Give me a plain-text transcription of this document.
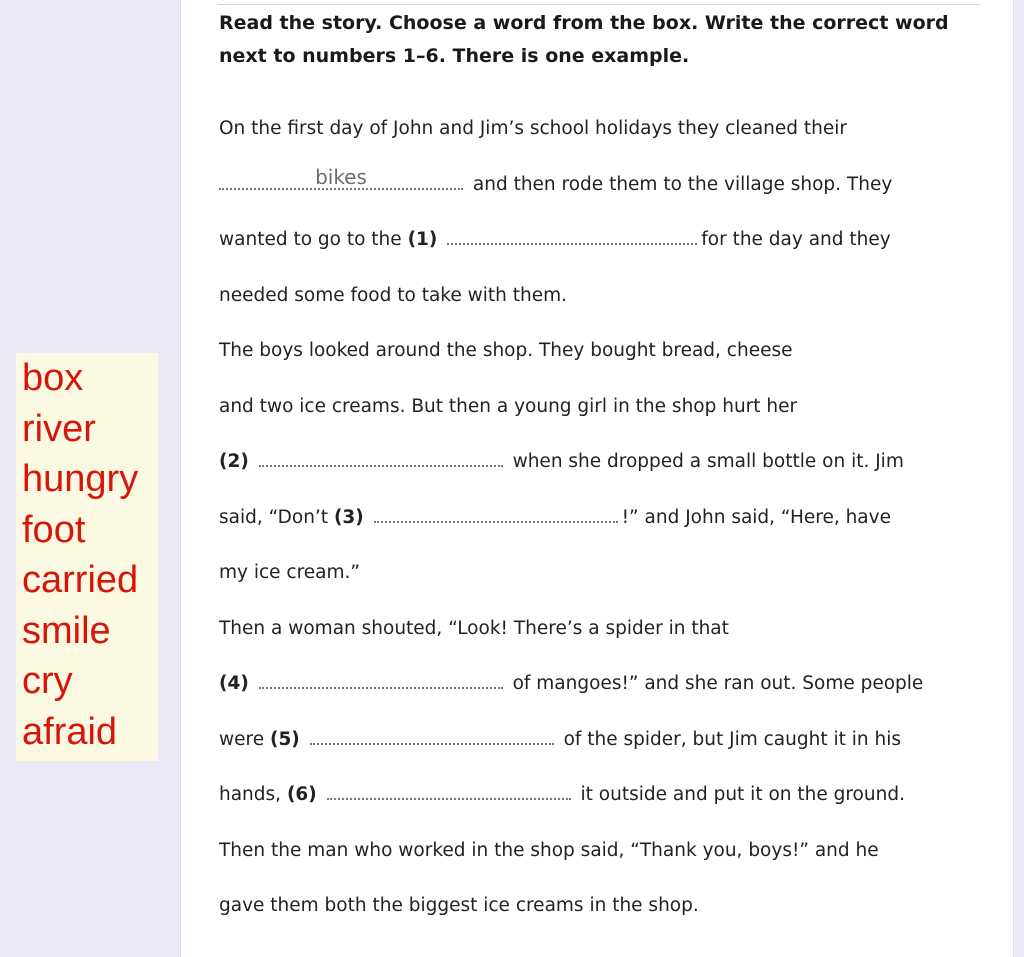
Read the story. Choose a word from the box. Write the correct word next to numbers 1–6. There is one example.

On the first day of John and Jim’s school holidays they cleaned their
bikes	and then rode them to the village shop. They
wanted to go to the (1)	for the day and they
needed some food to take with them.
The boys looked around the shop. They bought bread, cheese
and two ice creams. But then a young girl in the shop hurt her
(2)	when she dropped a small bottle on it. Jim
said, “Don’t (3)	!” and John said, “Here, have
my ice cream.”
Then a woman shouted, “Look! There’s a spider in that
(4)	of mangoes!” and she ran out. Some people
were (5)	of the spider, but Jim caught it in his
hands, (6)	it outside and put it on the ground.
Then the man who worked in the shop said, “Thank you, boys!” and he
gave them both the biggest ice creams in the shop.
box
river
hungry
foot
carried
smile
cry
afraid
